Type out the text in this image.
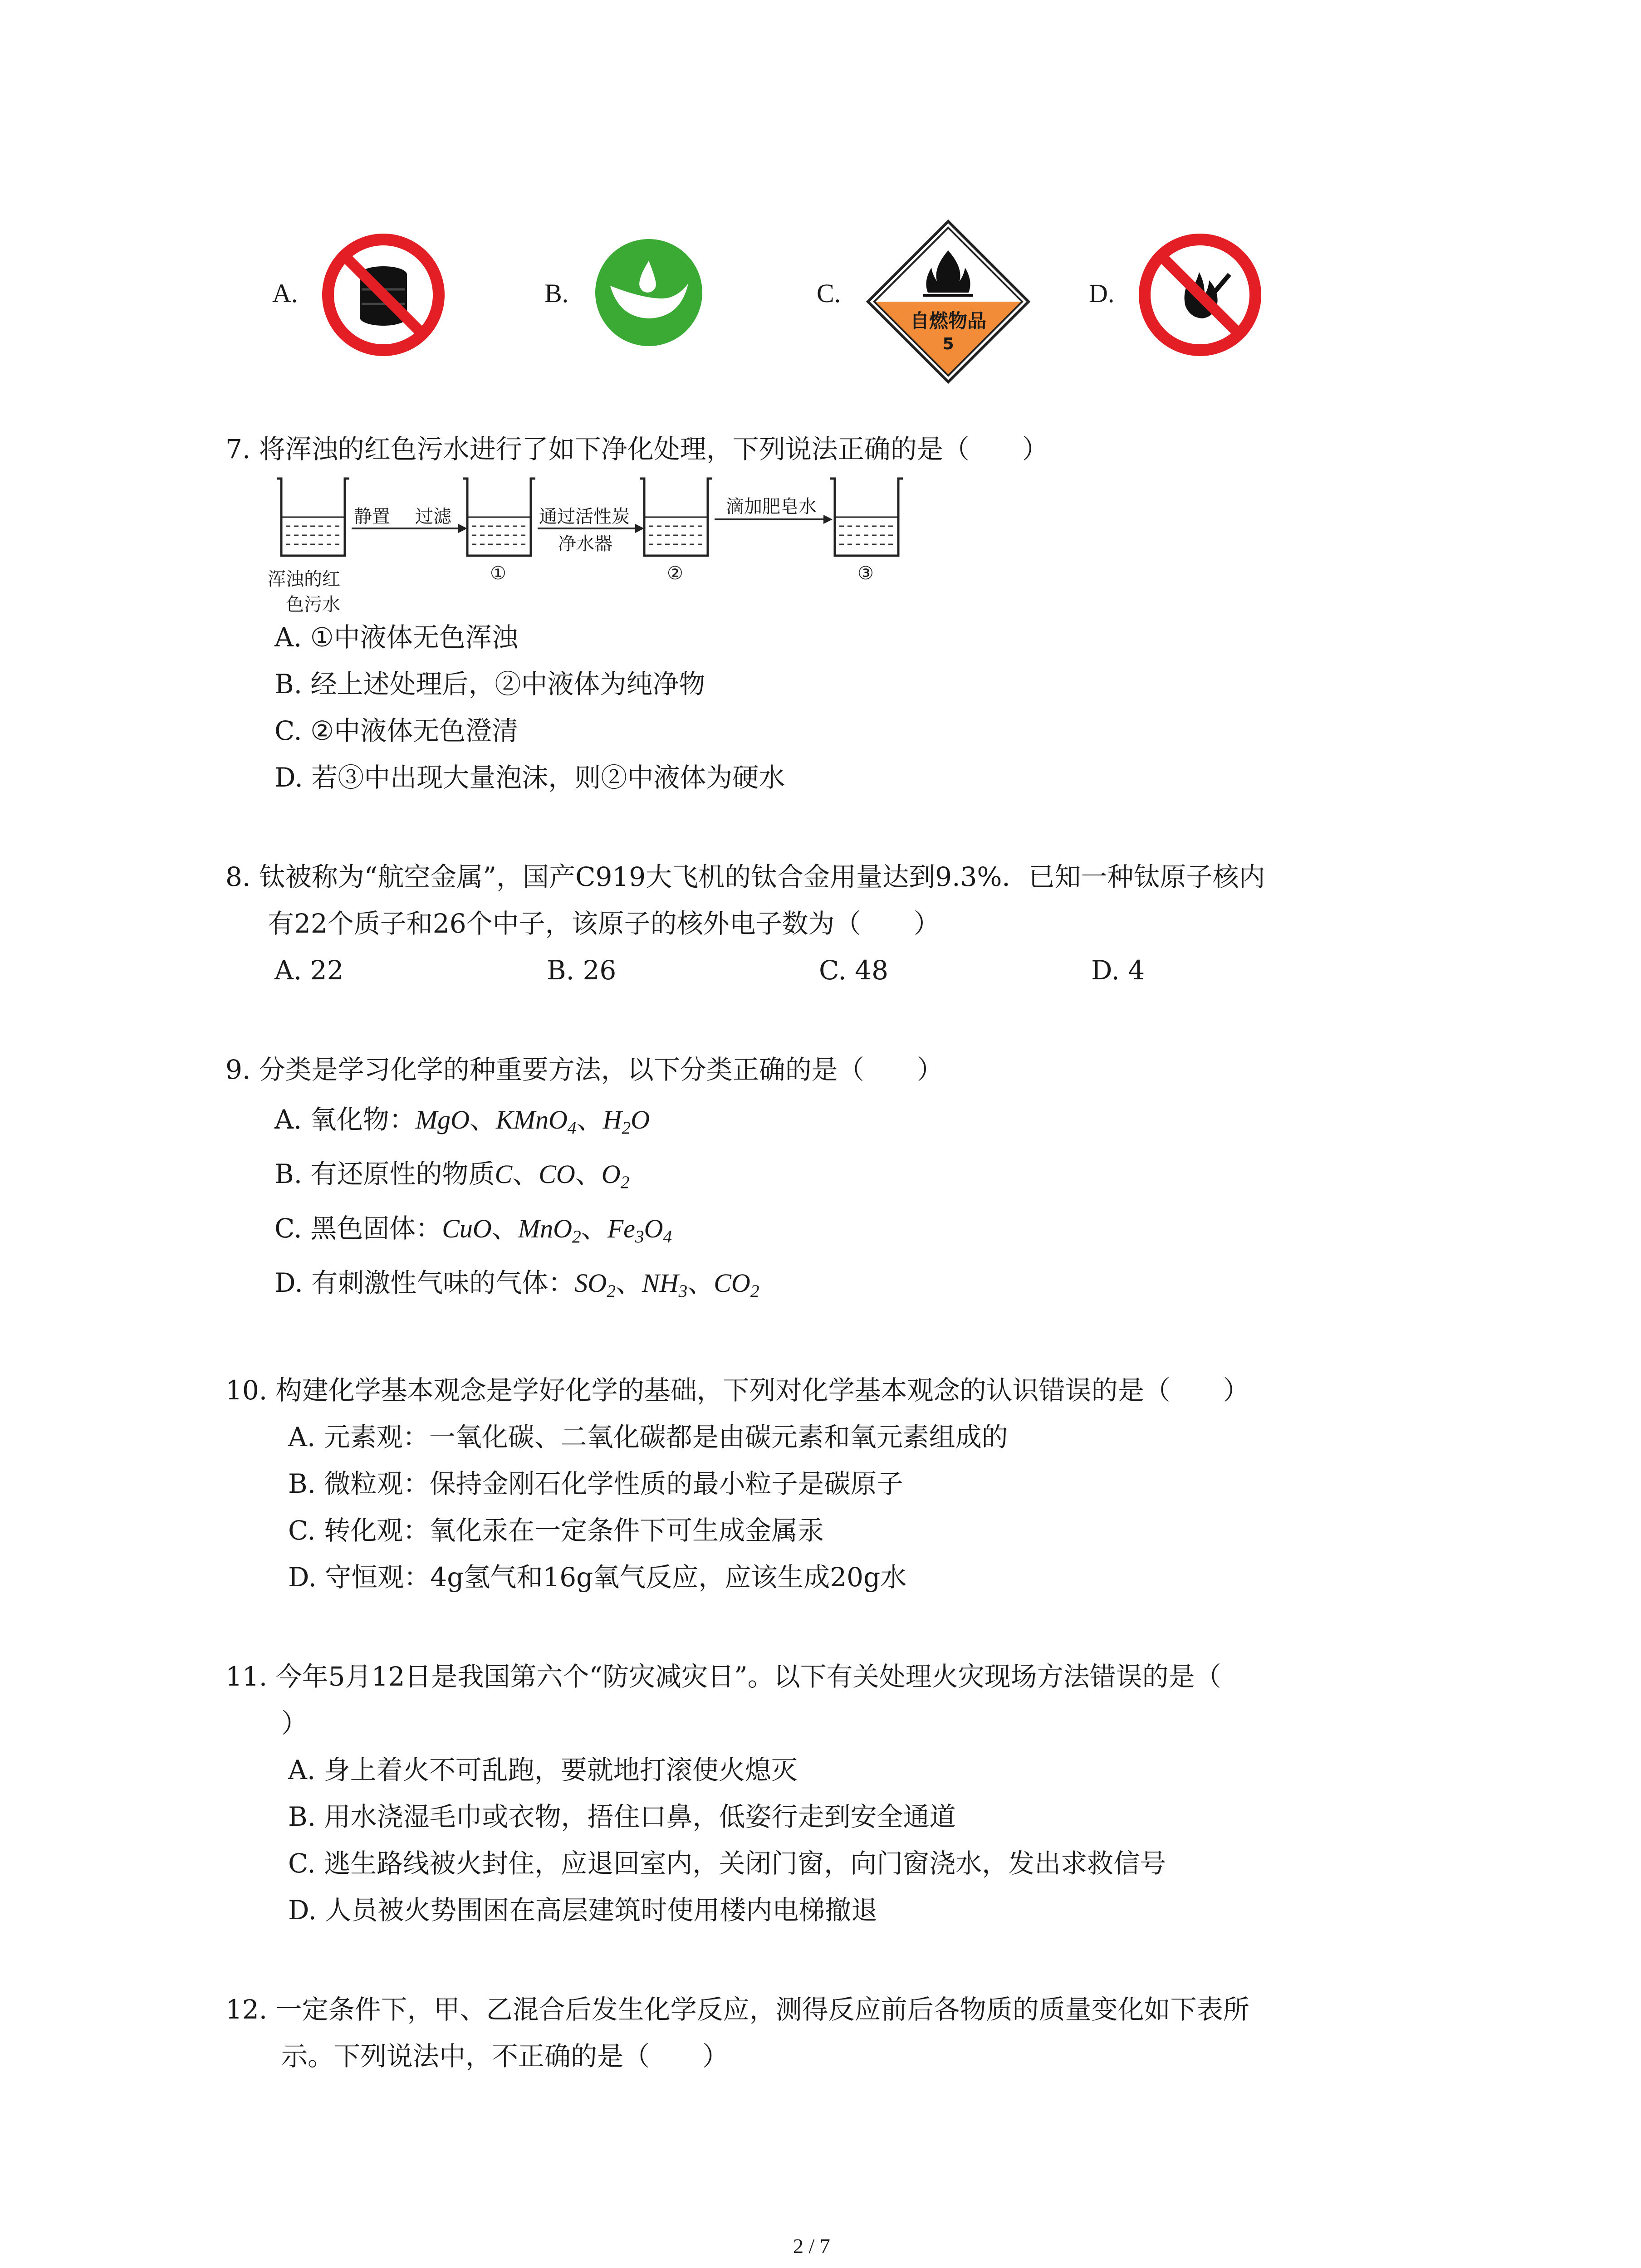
A.	B.	C.
自燃物品
5
D.
7. 将浑浊的红色污水进行了如下净化处理，下列说法正确的是（　　）
静置 过滤	通过活性炭
净水器
滴加肥皂水
浑浊的红
色污水
①	②	③
A. ①中液体无色浑浊
B. 经上述处理后，②中液体为纯净物
C. ②中液体无色澄清
D. 若③中出现大量泡沫，则②中液体为硬水
8. 钛被称为“航空金属”，国产C919大飞机的钛合金用量达到9.3%．已知一种钛原子核内
有22个质子和26个中子，该原子的核外电子数为（　　）
A. 22	B. 26	C. 48	D. 4
9. 分类是学习化学的种重要方法，以下分类正确的是（　　）
A. 氧化物：MgO、KMnO$_4$、$H_2O$
B. 有还原性的物质C、CO、$O_2$
C. 黑色固体：CuO、MnO$_2$、$Fe_3O_4$
D. 有刺激性气味的气体：$SO_2$、$NH_3$、$CO_2$
10. 构建化学基本观念是学好化学的基础，下列对化学基本观念的认识错误的是（　　）
A. 元素观：一氧化碳、二氧化碳都是由碳元素和氧元素组成的
B. 微粒观：保持金刚石化学性质的最小粒子是碳原子
C. 转化观：氧化汞在一定条件下可生成金属汞
D. 守恒观：4g氢气和16g氧气反应，应该生成20g水
11. 今年5月12日是我国第六个“防灾减灾日”。以下有关处理火灾现场方法错误的是（
）
A. 身上着火不可乱跑，要就地打滚使火熄灭
B. 用水浇湿毛巾或衣物，捂住口鼻，低姿行走到安全通道
C. 逃生路线被火封住，应退回室内，关闭门窗，向门窗浇水，发出求救信号
D. 人员被火势围困在高层建筑时使用楼内电梯撤退
12. 一定条件下，甲、乙混合后发生化学反应，测得反应前后各物质的质量变化如下表所
示。下列说法中，不正确的是（　　）
2 / 7
